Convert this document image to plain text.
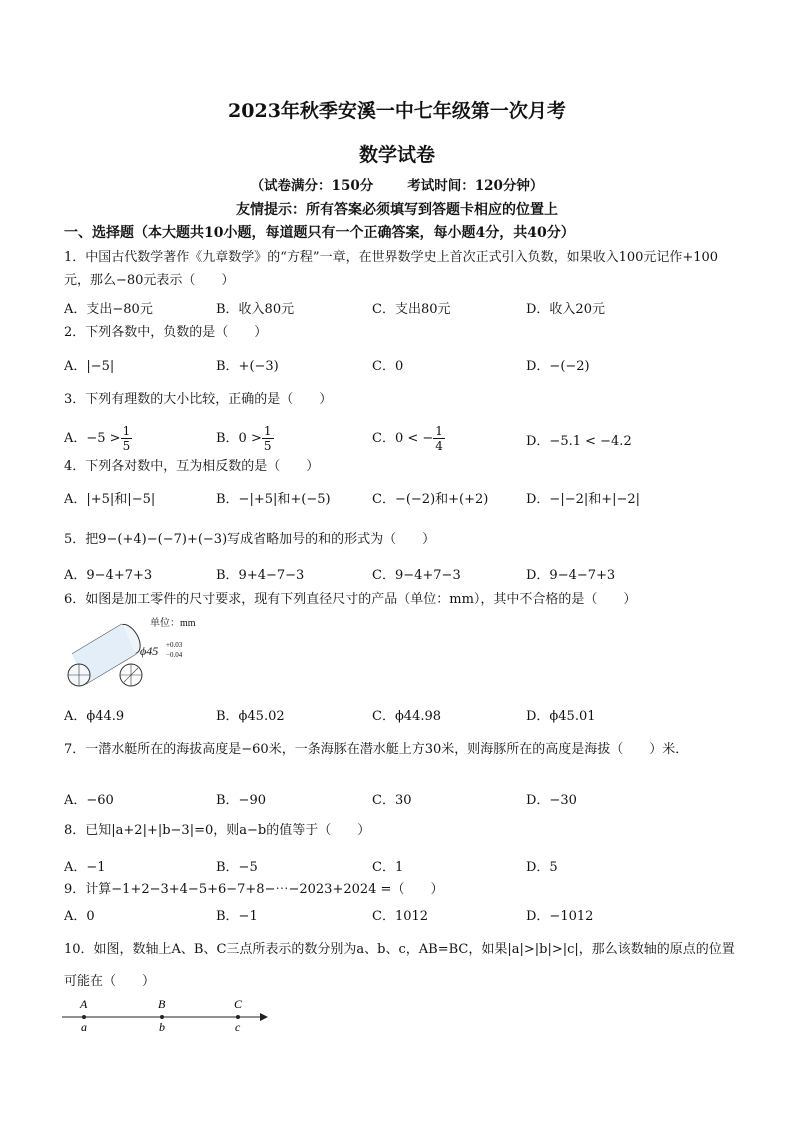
2023年秋季安溪一中七年级第一次月考
数学试卷
（试卷满分：150分	考试时间：120分钟）
友情提示：所有答案必须填写到答题卡相应的位置上
一、选择题（本大题共10小题，每道题只有一个正确答案，每小题4分，共40分）
1．中国古代数学著作《九章数学》的“方程”一章，在世界数学史上首次正式引入负数，如果收入100元记作+100元，那么−80元表示（　　）
A．支出−80元	B．收入80元	C．支出80元	D．收入20元
2．下列各数中，负数的是（　　）
A．|−5|	B．+(−3)	C．0	D．−(−2)
3．下列有理数的大小比较，正确的是（　　）
A．$-5 > \frac{1}{5}$	B．$0 > \frac{1}{5}$	C．0 < − $\frac{1}{4}$	D．−5.1 < −4.2
4．下列各对数中，互为相反数的是（　　）
A．|+5|和|−5|	B．−|+5|和+(−5)	C．−(−2)和+(+2)	D．−|−2|和+|−2|
5．把9−(+4)−(−7)+(−3)写成省略加号的和的形式为（　　）
A．9−4+7+3	B．9+4−7−3	C．9−4+7−3	D．9−4−7+3
6．如图是加工零件的尺寸要求，现有下列直径尺寸的产品（单位：mm），其中不合格的是（　　）
单位：mm
ϕ45 +0.03
−0.04
A．ϕ44.9	B．ϕ45.02	C．ϕ44.98	D．ϕ45.01
7．一潜水艇所在的海拔高度是−60米，一条海豚在潜水艇上方30米，则海豚所在的高度是海拔（　　）米．
A．−60	B．−90	C．30	D．−30
8．已知|a+2|+|b−3|=0，则a−b的值等于（　　）
A．−1	B．−5	C．1	D．5
9．计算−1+2−3+4−5+6−7+8−⋯−2023+2024 =（　　）
A．0	B．−1	C．1012	D．−1012
10．如图，数轴上A、B、C三点所表示的数分别为a、b、c，AB=BC，如果|a|>|b|>|c|，那么该数轴的原点的位置可能在（　　）
A
a
B
b
C
c
